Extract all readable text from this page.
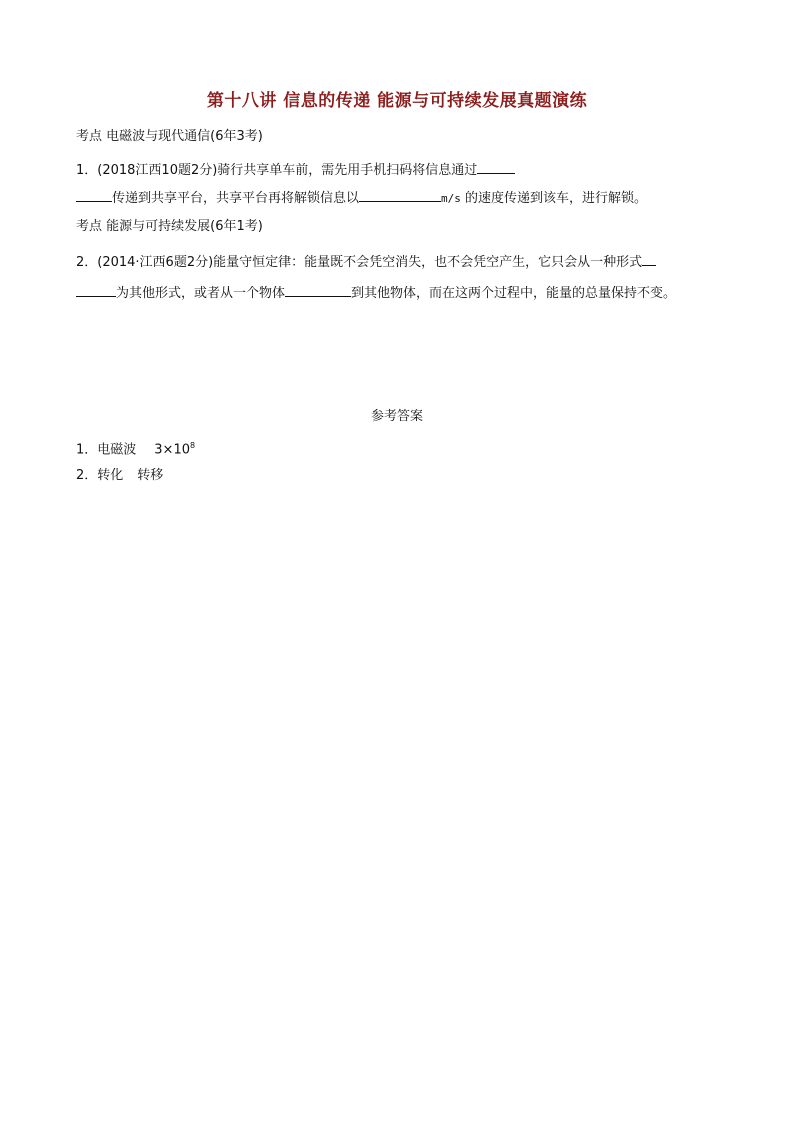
第十八讲 信息的传递 能源与可持续发展真题演练
考点 电磁波与现代通信(6年3考)
1．(2018江西10题2分)骑行共享单车前，需先用手机扫码将信息通过
传递到共享平台，共享平台再将解锁信息以	m/s 的速度传递到该车，进行解锁。
考点 能源与可持续发展(6年1考)
2．(2014·江西6题2分)能量守恒定律：能量既不会凭空消失，也不会凭空产生，它只会从一种形式
为其他形式，或者从一个物体	到其他物体，而在这两个过程中，能量的总量保持不变。
参考答案
1．电磁波 $3\times 10^8$
2．转化 转移
